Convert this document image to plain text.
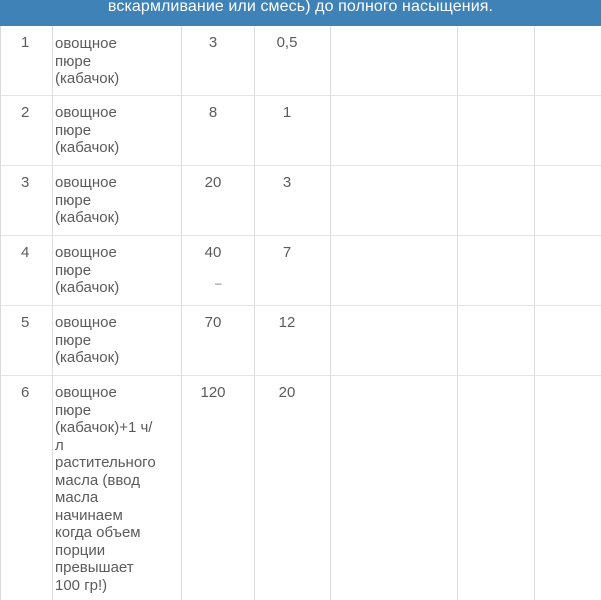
вскармливание или смесь) до полного насыщения.
1 овощное
пюре
(кабачок)
3	0,5
2 овощное
пюре
(кабачок)
8	1
3 овощное
пюре
(кабачок)
20	3
4 овощное
пюре
(кабачок)
40	7
–
5 овощное
пюре
(кабачок)
70	12
6 овощное
пюре
(кабачок)+1 ч/
л
растительного
масла (ввод
масла
начинаем
когда объем
порции
превышает
100 гр!)
120	20
